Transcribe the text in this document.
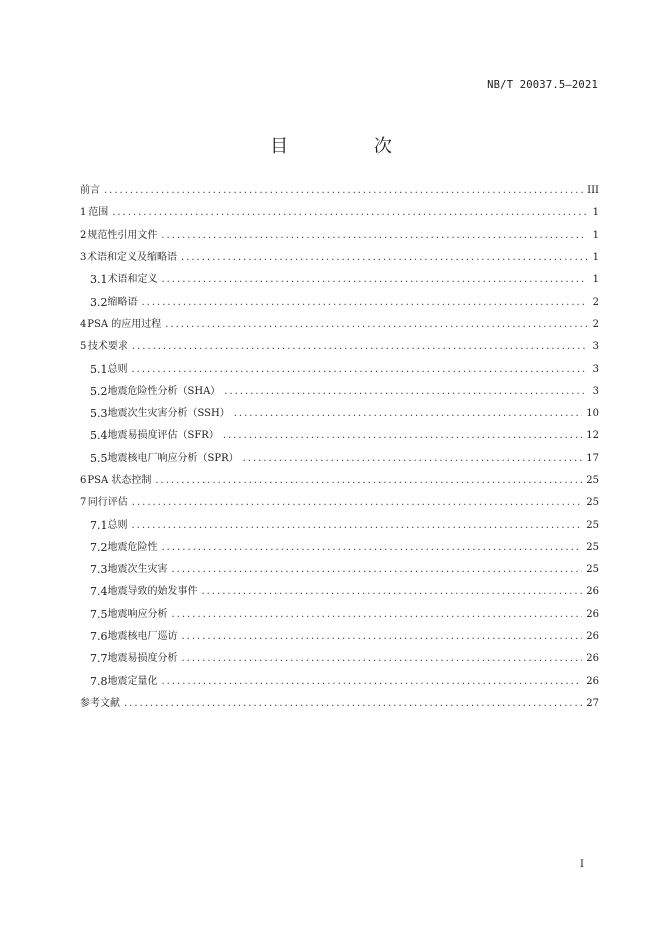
NB/T 20037.5—2021
目 次
前言 .....	III
1 范围 .....	1
2 规范性引用文件 .....	1
3 术语和定义及缩略语 .....	1
3.1 术语和定义 .....	1
3.2 缩略语 .....	2
4 PSA 的应用过程 .....	2
5 技术要求 .....	3
5.1 总则 .....	3
5.2 地震危险性分析（SHA） .....	3
5.3 地震次生灾害分析（SSH） .....	10
5.4 地震易损度评估（SFR） .....	12
5.5 地震核电厂响应分析（SPR） .....	17
6 PSA 状态控制 .....	25
7 同行评估 .....	25
7.1 总则 .....	25
7.2 地震危险性 .....	25
7.3 地震次生灾害 .....	25
7.4 地震导致的始发事件 .....	26
7.5 地震响应分析 .....	26
7.6 地震核电厂巡访 .....	26
7.7 地震易损度分析 .....	26
7.8 地震定量化 .....	26
参考文献 .....	27
I
